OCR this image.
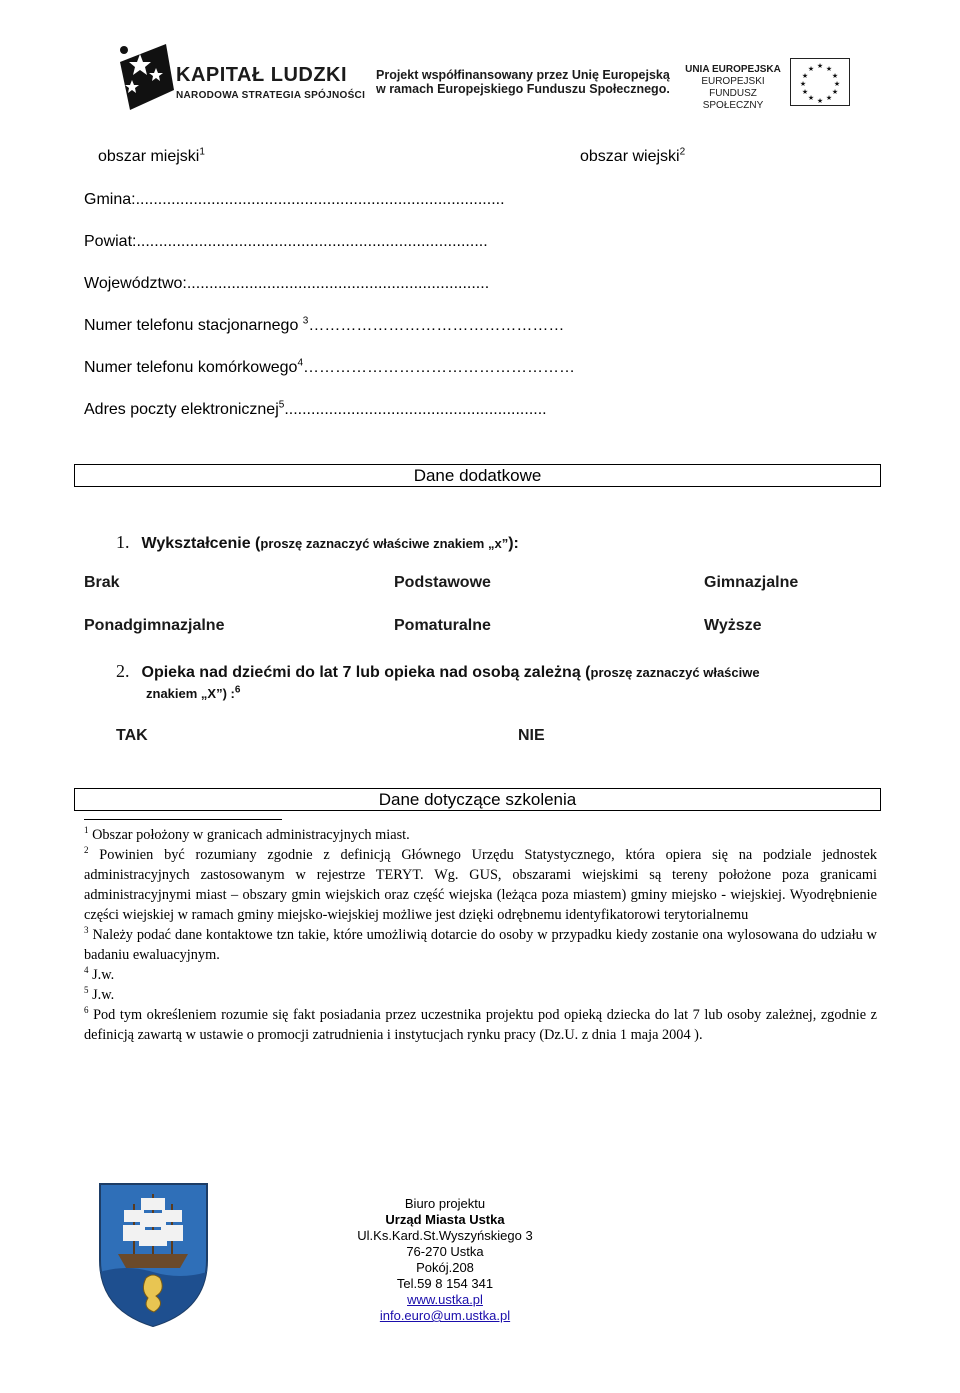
KAPITAŁ LUDZKI
NARODOWA STRATEGIA SPÓJNOŚCI
Projekt współfinansowany przez Unię Europejską
w ramach Europejskiego Funduszu Społecznego.
UNIA EUROPEJSKA
EUROPEJSKI
FUNDUSZ SPOŁECZNY
★ ★
★
★
★
★
★
★
★
★
★
★
obszar miejski$^1$	obszar wiejski$^2$
Gmina:...................................................................................
Powiat:...............................................................................
Województwo:....................................................................
Numer telefonu stacjonarnego $^3$…………………………………………
Numer telefonu komórkowego$^4$……………………………………………
Adres poczty elektronicznej$^5$...........................................................
Dane dodatkowe
1. Wykształcenie (proszę zaznaczyć właściwe znakiem „x”):
Brak	Podstawowe	Gimnazjalne
Ponadgimnazjalne	Pomaturalne	Wyższe
2. Opieka nad dziećmi do lat 7 lub opieka nad osobą zależną (proszę zaznaczyć właściwe
znakiem „X”) :$^6$
TAK	NIE
Dane dotyczące szkolenia
$^1$ Obszar położony w granicach administracyjnych miast.
$^2$ Powinien być rozumiany zgodnie z definicją Głównego Urzędu Statystycznego, która opiera się na podziale jednostek administracyjnych zastosowanym w rejestrze TERYT. Wg. GUS, obszarami wiejskimi są tereny położone poza granicami administracyjnymi miast – obszary gmin wiejskich oraz część wiejska (leżąca poza miastem) gminy miejsko - wiejskiej. Wyodrębnienie części wiejskiej w ramach gminy miejsko-wiejskiej możliwe jest dzięki odrębnemu identyfikatorowi terytorialnemu
$^3$ Należy podać dane kontaktowe tzn takie, które umożliwią dotarcie do osoby w przypadku kiedy zostanie ona wylosowana do udziału w badaniu ewaluacyjnym.
$^4$ J.w.
$^5$ J.w.
$^6$ Pod tym określeniem rozumie się fakt posiadania przez uczestnika projektu pod opieką dziecka do lat 7 lub osoby zależnej, zgodnie z definicją zawartą w ustawie o promocji zatrudnienia i instytucjach rynku pracy (Dz.U. z dnia 1 maja 2004 ).
Biuro projektu
Urząd Miasta Ustka
Ul.Ks.Kard.St.Wyszyńskiego 3
76-270 Ustka
Pokój.208
Tel.59 8 154 341
www.ustka.pl
info.euro@um.ustka.pl
